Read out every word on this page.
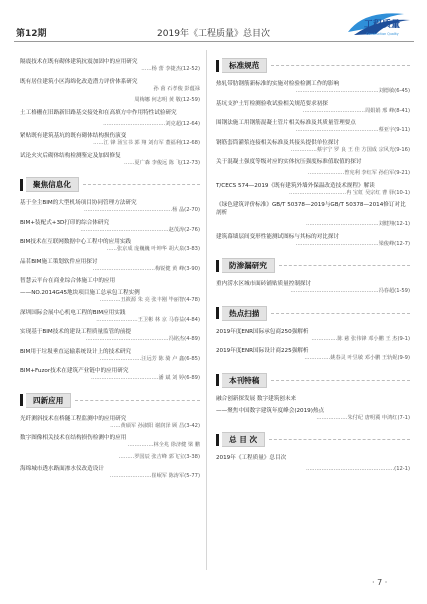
第12期	2019年《工程质量》总目次
工程质量
Construction Quality
隔震技术在既有砌体建筑抗震加固中的应用研究
……杨 蕾 李捷杰(12-52)
既有居住建筑小区海绵化改造潜力评价体系研究
孙 茵 石孝俊 彭蕴禄
周梅娜 何志明 黄 敬(12-59)
土工格栅在旧路新旧路基交接处和在高填方中作用特性试验研究
………………………………刘克超(12-64)
紧贴既有建筑基坑的既有砌体结构损伤演变
……江 锋 汤宝书 郭 翔 刘有军 董福利(12-68)
试论火灾后砌体结构检测鉴定及加固修复
……夏广森 李俊远 陈 飞(12-73)
聚焦信息化
基于全主BIM的大型机场项目协同管理方法研究
……………………………………………杨 晶(2-70)
BIM+装配式+3D打印的综合体研究
……………………………………………赵茂涛(2-76)
BIM技术在互联网数据中心工程中的应用实践
……张京成 庞巍巍 叶坤华 胡大泉(3-83)
品茗BIM施工策划软件应用探讨
………………………………梅锐健 黄 峰(3-90)
智慧云平台在商业综合体施工中的应用
——NO.2014G45地块项目施工总承包工程实例
…………丑筱源 朱 亮 张丰刚 毕丽智(4-78)
深圳国际会展中心机电工程的BIM应用实践
……………………王卫彬 林 京 马春益(4-84)
实现基于BIM技术的建设工程质量监管的前提
…………………………………………冯铭杰(4-89)
BIM用于垃圾垂直运输系统设计上的技术研究
……………………汪远芳 陈 骑 卢 鑫(6-85)
BIM+Fuzor技术在建筑产业链中的应用研究
…………………………………潘 斌 刘 婷(6-89)
四新应用
光纤测斜技术在桥隧工程监测中的应用研究
……黄硕军 孙淑阳 谢润泽 顾 昌(3-42)
数字图像相关技术在结构损伤检测中的应用
……………林全兆 徐济健 梁 鹏
………罗国辰 张吉峰 郭飞宝(3-38)
海绵城市透水路面渗水仪改造设计
……………………崔岷军 陈涛军(5-77)
标准规范
热轧带肋钢筋新标准的实施对检验检测工作的影响
…………………………………………刘德敏(6-45)
基坑支护土钉检测验收试验相关规范要求初探
………………………………周娟娟 邢 峰(8-41)
围钢法施工用钢筋混凝土管片相关标准及其质量管理要点
…………………………………………蔡亚宇(9-11)
钢筋套筒灌浆连接相关标准及其接头提供单位探讨
……………蔡宇宁 罗 良 王 佳 方国成 宗风光(9-16)
关于混凝土强度等级对应的实体抗压强度标准值取值的探讨
…………………曾宪利 李红军 孙伯军(9-21)
T/CECS 574—2019《既有建筑外墙外保温改造技术规程》解读
……………………………冉 宝虹 吴宗红 曹 驿(10-1)
《绿色建筑评价标准》GB/T 50378—2019与GB/T 50378—2014修订对比剖析
……………………………………刘健翔(12-1)
建筑幕墙层间变形性能测试图标与其标的对比探讨
…………………………………………梁俊峰(12-7)
防渗漏研究
重内涝水区城市面砖铺贴质量控制探讨
……………………………………………冯春超(1-59)
热点扫描
2019年度ENR国际承包商250强解析
……………陈 慈 张伟锋 邓小鹏 王 杰(9-1)
2019年度ENR国际设计商225强解析
……………姚春灵 叶昱敏 邓小鹏 王轨妮(9-9)
本刊特稿
融合创新探发展 数字建筑创未来
——聚焦中国数字建筑年度峰会(2019)热点
………………朱付纪 唐明冀 申鸿红(7-1)
总 目 次
2019年《工程质量》总目次
……………………………………………(12-1)
· 7 ·
